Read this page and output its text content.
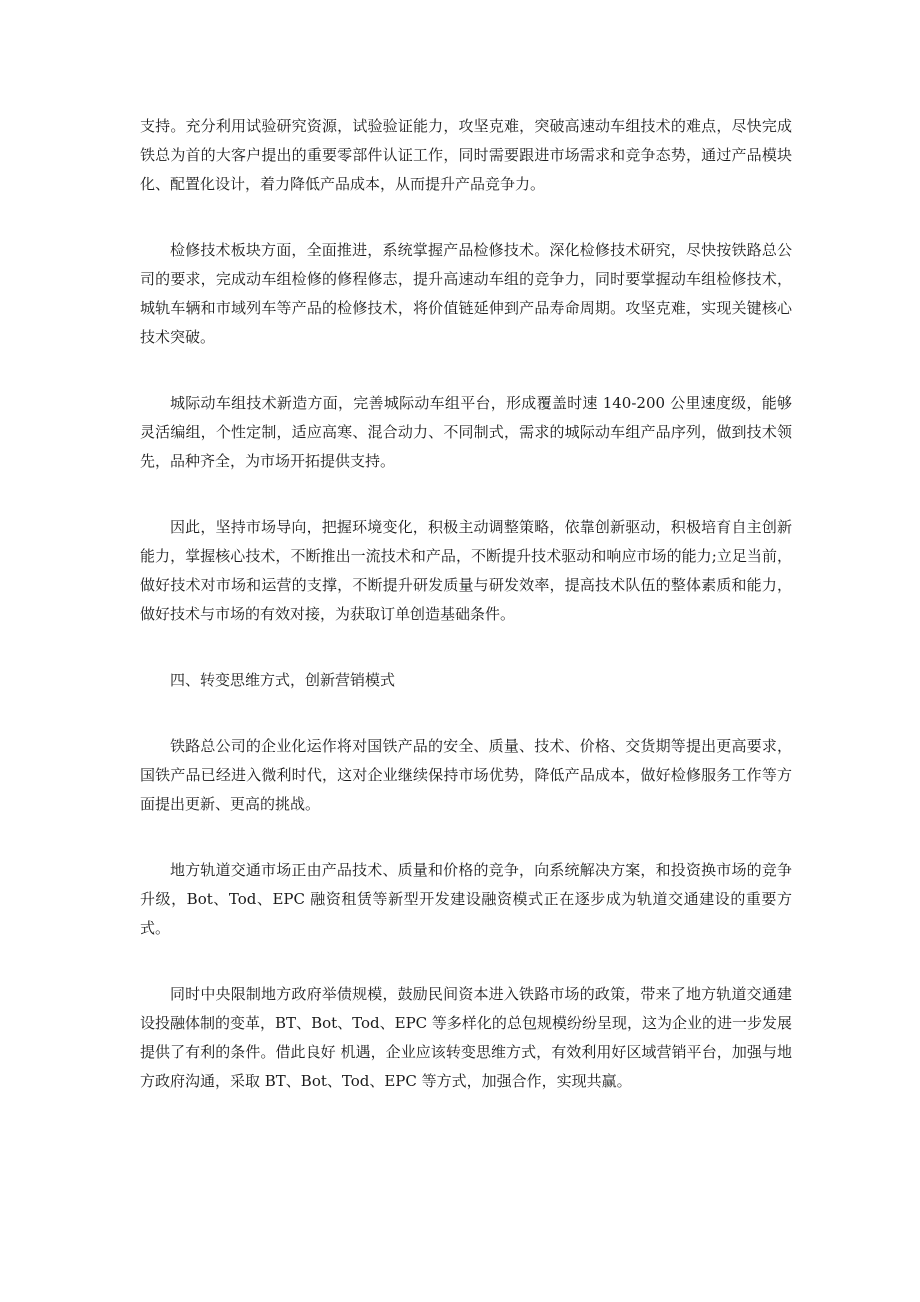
支持。充分利用试验研究资源，试验验证能力，攻坚克难，突破高速动车组技术的难点，尽快完成铁总为首的大客户提出的重要零部件认证工作，同时需要跟进市场需求和竞争态势，通过产品模块化、配置化设计，着力降低产品成本，从而提升产品竞争力。

检修技术板块方面，全面推进，系统掌握产品检修技术。深化检修技术研究，尽快按铁路总公司的要求，完成动车组检修的修程修志，提升高速动车组的竞争力，同时要掌握动车组检修技术，城轨车辆和市域列车等产品的检修技术，将价值链延伸到产品寿命周期。攻坚克难，实现关键核心技术突破。

城际动车组技术新造方面，完善城际动车组平台，形成覆盖时速 140-200 公里速度级，能够灵活编组，个性定制，适应高寒、混合动力、不同制式，需求的城际动车组产品序列，做到技术领先，品种齐全，为市场开拓提供支持。

因此，坚持市场导向，把握环境变化，积极主动调整策略，依靠创新驱动，积极培育自主创新能力，掌握核心技术，不断推出一流技术和产品，不断提升技术驱动和响应市场的能力;立足当前，做好技术对市场和运营的支撑，不断提升研发质量与研发效率，提高技术队伍的整体素质和能力，做好技术与市场的有效对接，为获取订单创造基础条件。

四、转变思维方式，创新营销模式

铁路总公司的企业化运作将对国铁产品的安全、质量、技术、价格、交货期等提出更高要求，国铁产品已经进入微利时代，这对企业继续保持市场优势，降低产品成本，做好检修服务工作等方面提出更新、更高的挑战。

地方轨道交通市场正由产品技术、质量和价格的竞争，向系统解决方案，和投资换市场的竞争升级，Bot、Tod、EPC 融资租赁等新型开发建设融资模式正在逐步成为轨道交通建设的重要方式。

同时中央限制地方政府举债规模，鼓励民间资本进入铁路市场的政策，带来了地方轨道交通建设投融体制的变革，BT、Bot、Tod、EPC 等多样化的总包规模纷纷呈现，这为企业的进一步发展提供了有利的条件。借此良好 机遇，企业应该转变思维方式，有效利用好区域营销平台，加强与地方政府沟通，采取 BT、Bot、Tod、EPC 等方式，加强合作，实现共赢。
